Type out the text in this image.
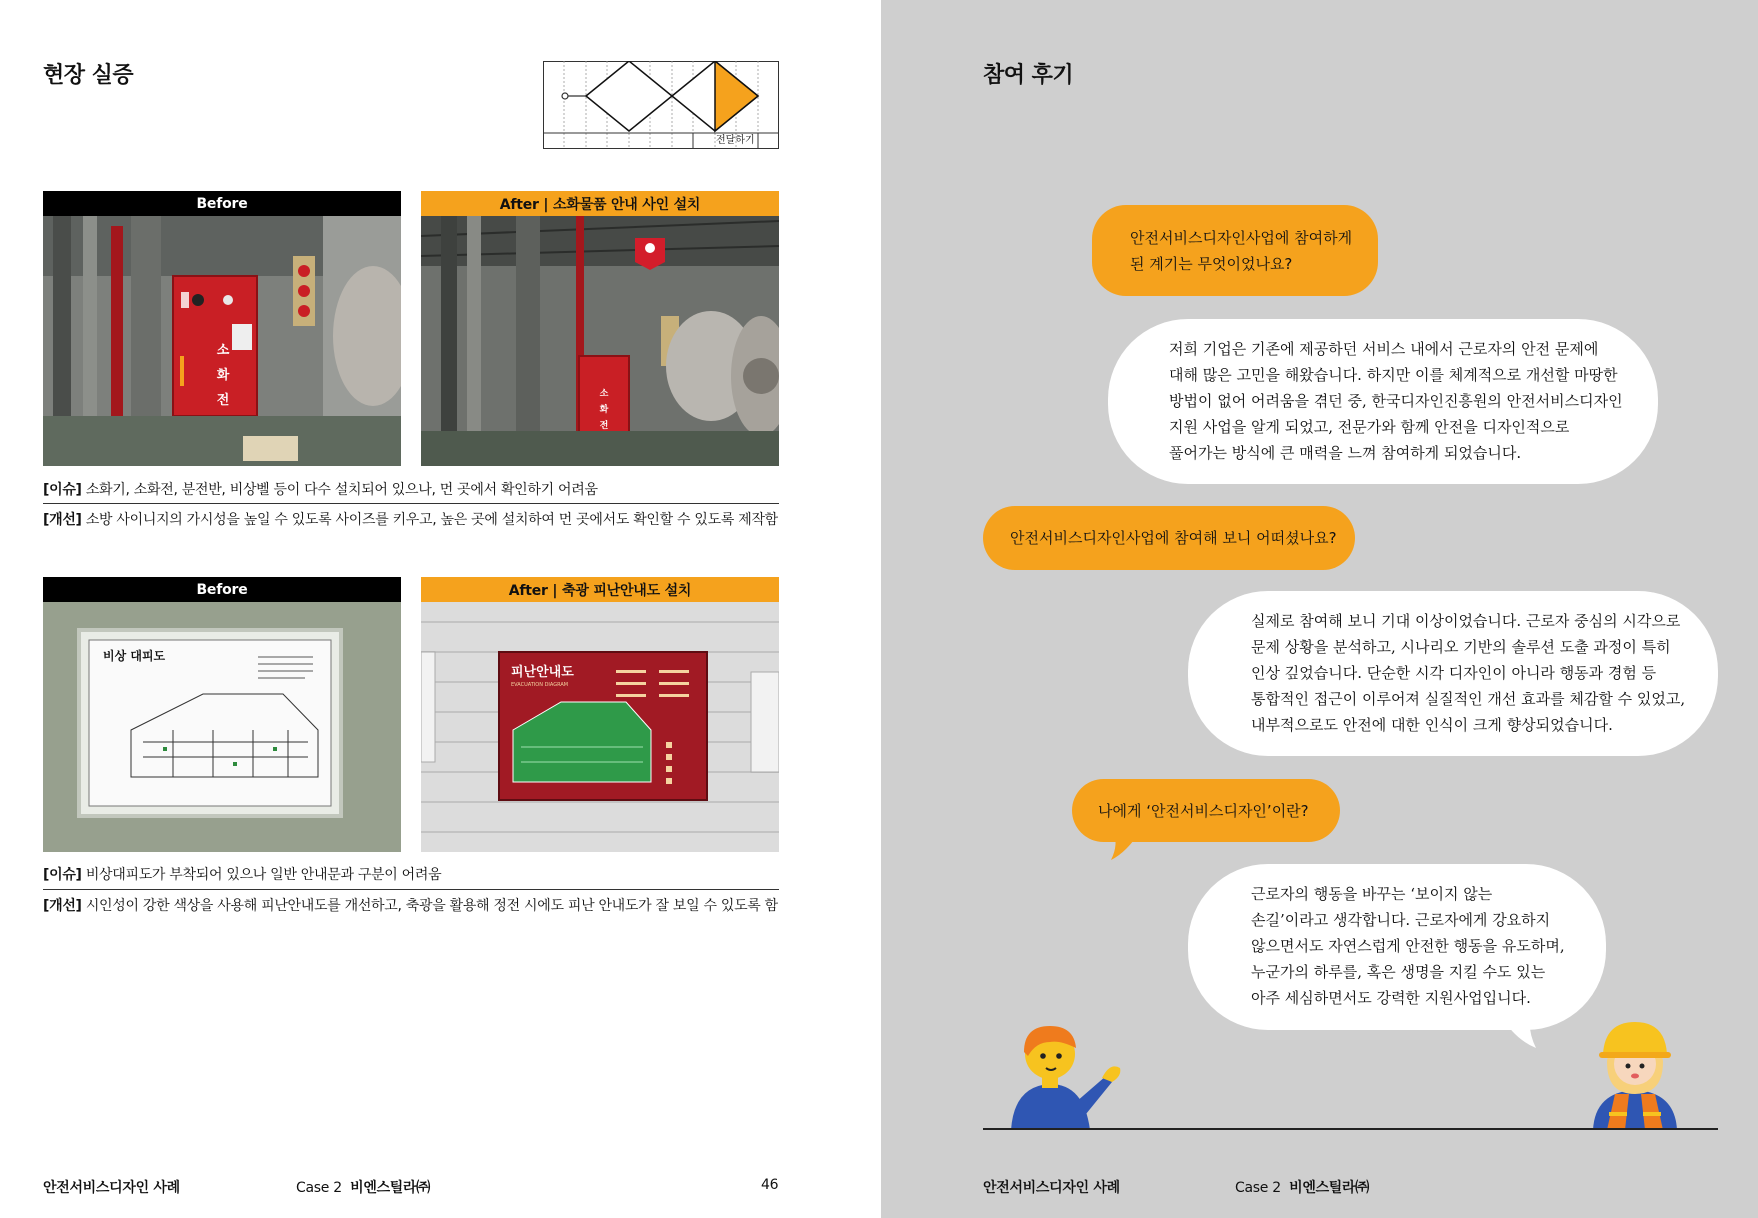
현장 실증
전달하기
Before	After | 소화물품 안내 사인 설치
소
화
전	소
화
전
[이슈] 소화기, 소화전, 분전반, 비상벨 등이 다수 설치되어 있으나, 먼 곳에서 확인하기 어려움
[개선] 소방 사이니지의 가시성을 높일 수 있도록 사이즈를 키우고, 높은 곳에 설치하여 먼 곳에서도 확인할 수 있도록 제작함
Before	After | 축광 피난안내도 설치
비상 대피도
피난안내도
EVACUATION DIAGRAM
[이슈] 비상대피도가 부착되어 있으나 일반 안내문과 구분이 어려움
[개선] 시인성이 강한 색상을 사용해 피난안내도를 개선하고, 축광을 활용해 정전 시에도 피난 안내도가 잘 보일 수 있도록 함
안전서비스디자인 사례	Case 2 비엔스틸라㈜	46
참여 후기
안전서비스디자인사업에 참여하게
된 계기는 무엇이었나요?
저희 기업은 기존에 제공하던 서비스 내에서 근로자의 안전 문제에
대해 많은 고민을 해왔습니다. 하지만 이를 체계적으로 개선할 마땅한
방법이 없어 어려움을 겪던 중, 한국디자인진흥원의 안전서비스디자인
지원 사업을 알게 되었고, 전문가와 함께 안전을 디자인적으로
풀어가는 방식에 큰 매력을 느껴 참여하게 되었습니다.
안전서비스디자인사업에 참여해 보니 어떠셨나요?
실제로 참여해 보니 기대 이상이었습니다. 근로자 중심의 시각으로
문제 상황을 분석하고, 시나리오 기반의 솔루션 도출 과정이 특히
인상 깊었습니다. 단순한 시각 디자인이 아니라 행동과 경험 등
통합적인 접근이 이루어져 실질적인 개선 효과를 체감할 수 있었고,
내부적으로도 안전에 대한 인식이 크게 향상되었습니다.
나에게 ‘안전서비스디자인’이란?
근로자의 행동을 바꾸는 ‘보이지 않는
손길’이라고 생각합니다. 근로자에게 강요하지
않으면서도 자연스럽게 안전한 행동을 유도하며,
누군가의 하루를, 혹은 생명을 지킬 수도 있는
아주 세심하면서도 강력한 지원사업입니다.
안전서비스디자인 사례	Case 2 비엔스틸라㈜
